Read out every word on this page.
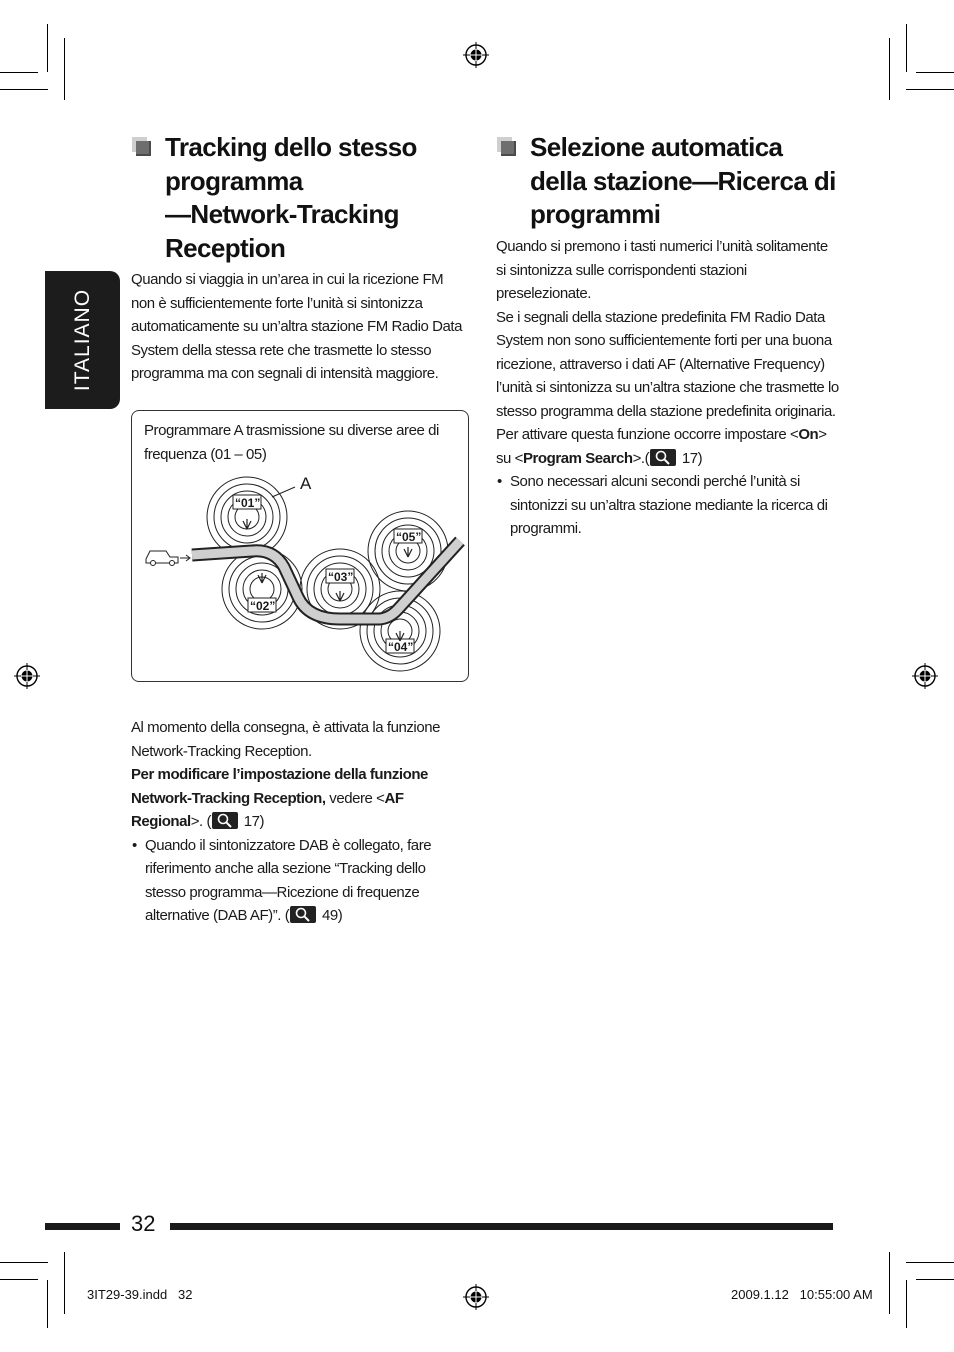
ITALIANO
Tracking dello stesso
programma
—Network-Tracking
Reception

Quando si viaggia in un’area in cui la ricezione FM non è sufficientemente forte l’unità si sintonizza automaticamente su un’altra stazione FM Radio Data System della stessa rete che trasmette lo stesso programma ma con segnali di intensità maggiore.

Programmare A trasmissione su diverse aree di frequenza (01 – 05)

“01”
“02”
“03”
“04”
“05”
A

Al momento della consegna, è attivata la funzione Network-Tracking Reception.

Per modificare l’impostazione della funzione Network-Tracking Reception, vedere <AF Regional>. (
17)

• Quando il sintonizzatore DAB è collegato, fare riferimento anche alla sezione “Tracking dello stesso programma—Ricezione di frequenze alternative (DAB AF)”. (
49)

Selezione automatica
della stazione—Ricerca di
programmi

Quando si premono i tasti numerici l’unità solitamente si sintonizza sulle corrispondenti stazioni preselezionate.

Se i segnali della stazione predefinita FM Radio Data System non sono sufficientemente forti per una buona ricezione, attraverso i dati AF (Alternative Frequency) l’unità si sintonizza su un’altra stazione che trasmette lo stesso programma della stazione predefinita originaria.

Per attivare questa funzione occorre impostare <On> su <Program Search>.(
17)

• Sono necessari alcuni secondi perché l’unità si sintonizzi su un’altra stazione mediante la ricerca di programmi.

32
3IT29-39.indd   32	2009.1.12   10:55:00 AM
